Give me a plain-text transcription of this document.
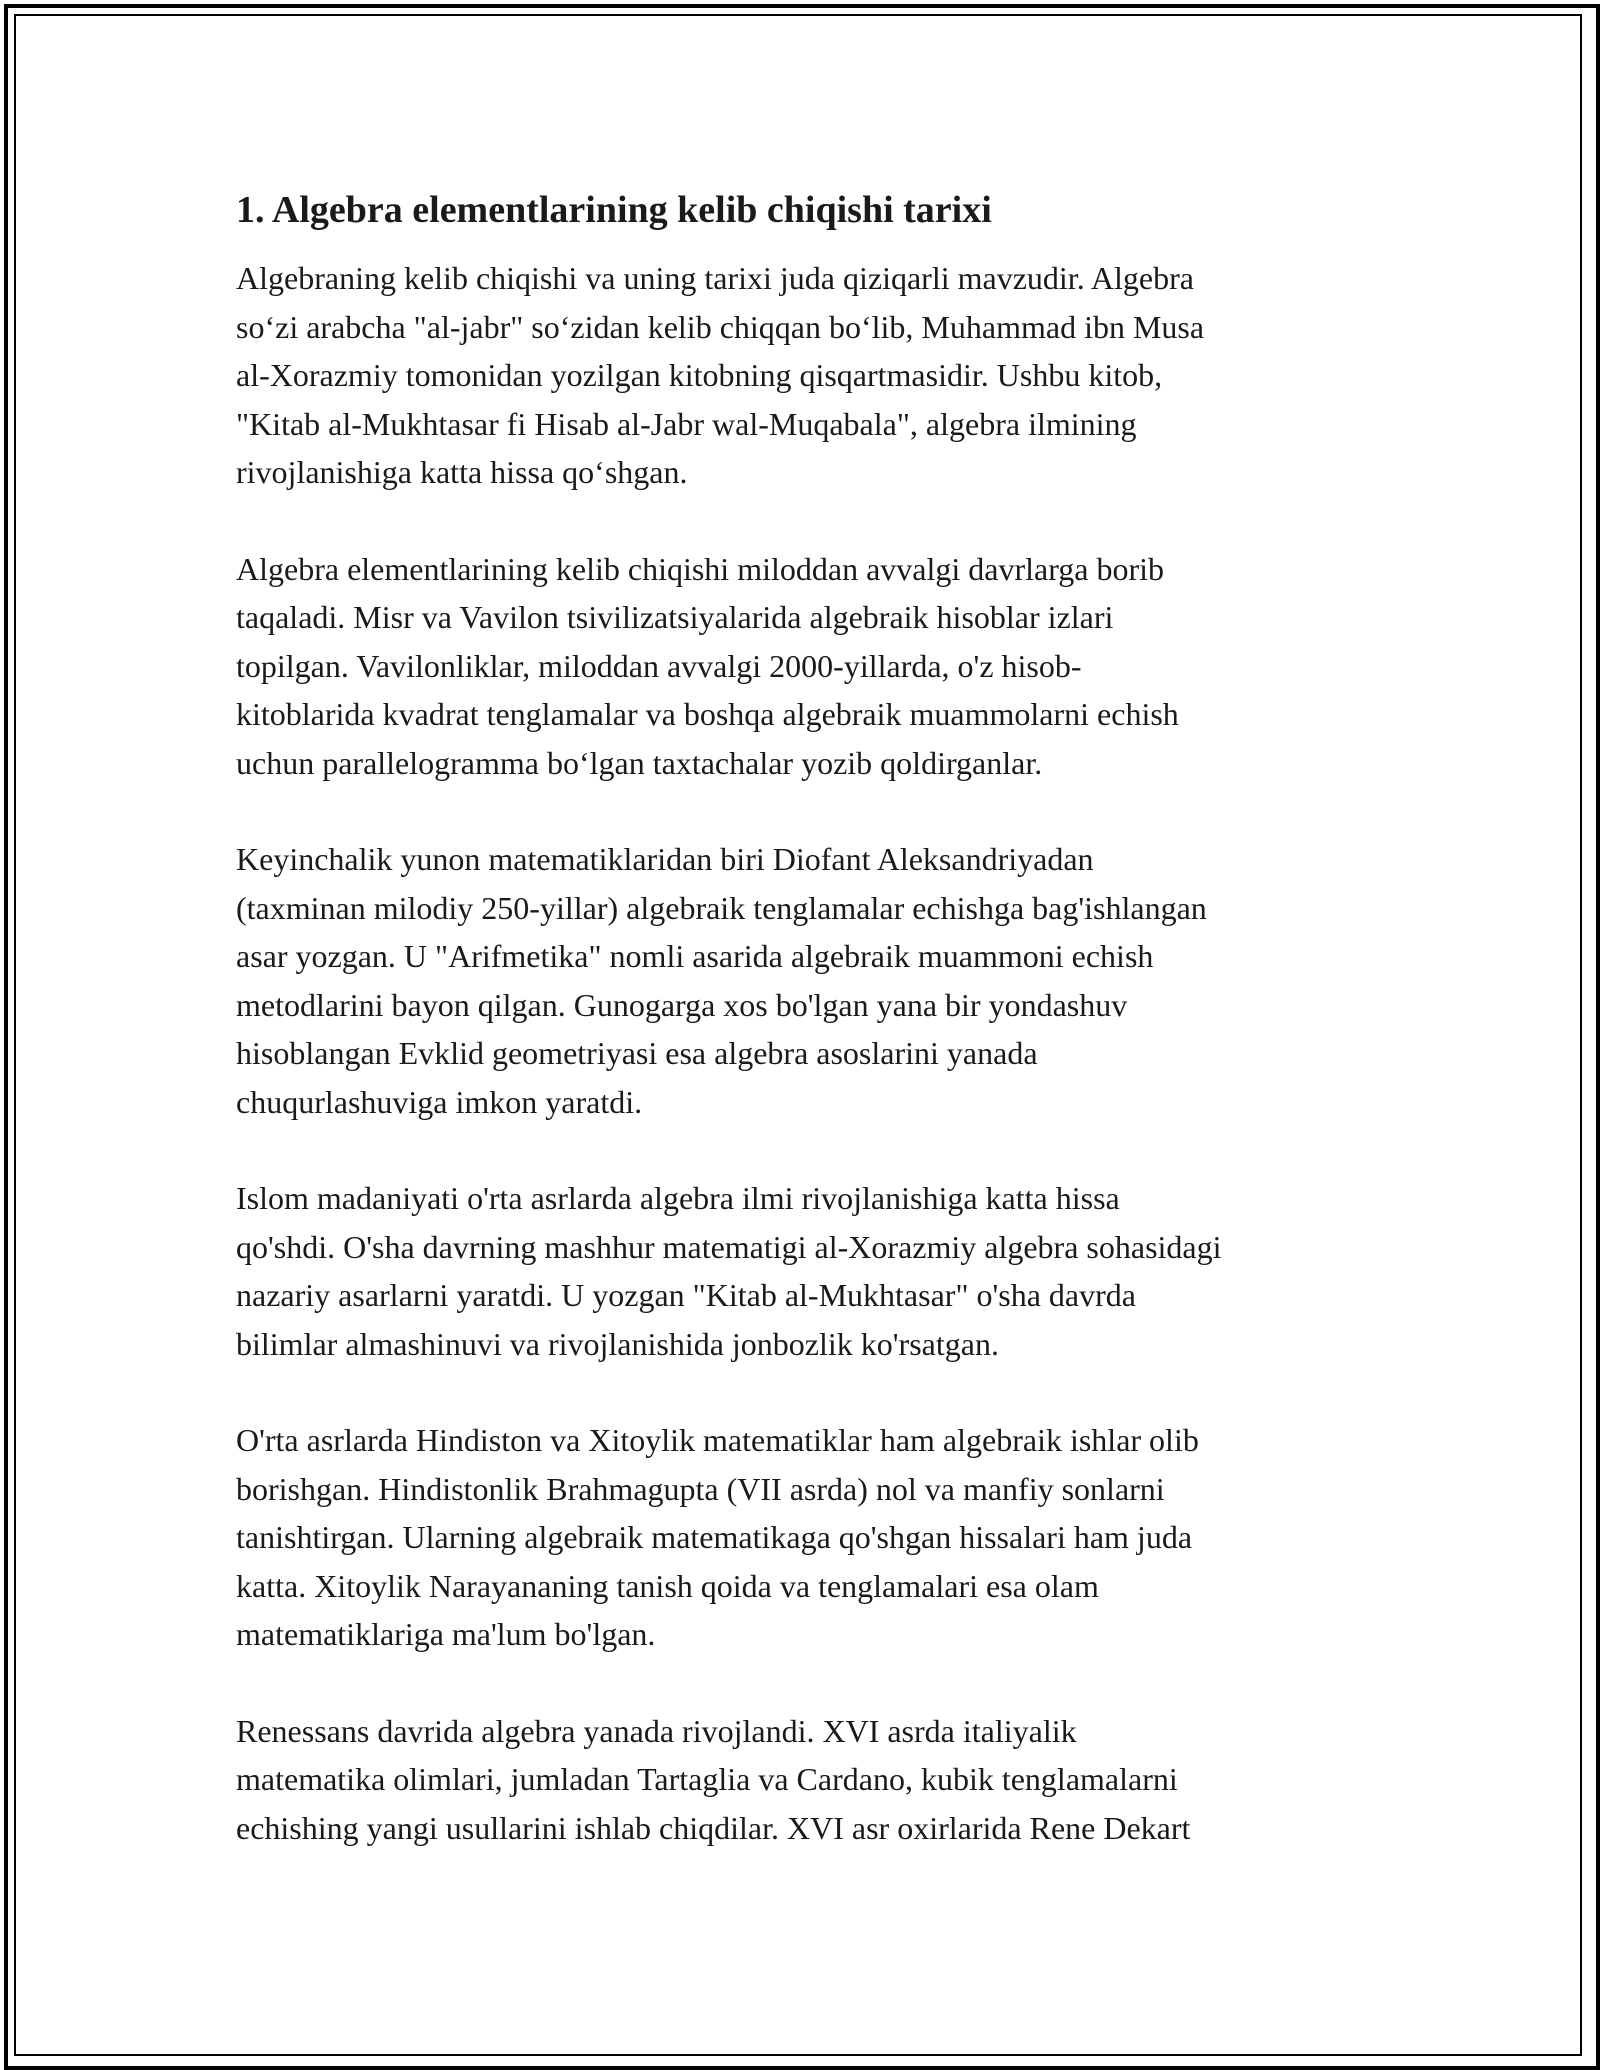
1. Algebra elementlarining kelib chiqishi tarixi

Algebraning kelib chiqishi va uning tarixi juda qiziqarli mavzudir. Algebra
so‘zi arabcha "al-jabr" so‘zidan kelib chiqqan bo‘lib, Muhammad ibn Musa
al-Xorazmiy tomonidan yozilgan kitobning qisqartmasidir. Ushbu kitob,
"Kitab al-Mukhtasar fi Hisab al-Jabr wal-Muqabala", algebra ilmining
rivojlanishiga katta hissa qo‘shgan.

Algebra elementlarining kelib chiqishi miloddan avvalgi davrlarga borib
taqaladi. Misr va Vavilon tsivilizatsiyalarida algebraik hisoblar izlari
topilgan. Vavilonliklar, miloddan avvalgi 2000-yillarda, o'z hisob-
kitoblarida kvadrat tenglamalar va boshqa algebraik muammolarni echish
uchun parallelogramma bo‘lgan taxtachalar yozib qoldirganlar.

Keyinchalik yunon matematiklaridan biri Diofant Aleksandriyadan
(taxminan milodiy 250-yillar) algebraik tenglamalar echishga bag'ishlangan
asar yozgan. U "Arifmetika" nomli asarida algebraik muammoni echish
metodlarini bayon qilgan. Gunogarga xos bo'lgan yana bir yondashuv
hisoblangan Evklid geometriyasi esa algebra asoslarini yanada
chuqurlashuviga imkon yaratdi.

Islom madaniyati o'rta asrlarda algebra ilmi rivojlanishiga katta hissa
qo'shdi. O'sha davrning mashhur matematigi al-Xorazmiy algebra sohasidagi
nazariy asarlarni yaratdi. U yozgan "Kitab al-Mukhtasar" o'sha davrda
bilimlar almashinuvi va rivojlanishida jonbozlik ko'rsatgan.

O'rta asrlarda Hindiston va Xitoylik matematiklar ham algebraik ishlar olib
borishgan. Hindistonlik Brahmagupta (VII asrda) nol va manfiy sonlarni
tanishtirgan. Ularning algebraik matematikaga qo'shgan hissalari ham juda
katta. Xitoylik Narayananing tanish qoida va tenglamalari esa olam
matematiklariga ma'lum bo'lgan.

Renessans davrida algebra yanada rivojlandi. XVI asrda italiyalik
matematika olimlari, jumladan Tartaglia va Cardano, kubik tenglamalarni
echishing yangi usullarini ishlab chiqdilar. XVI asr oxirlarida Rene Dekart
